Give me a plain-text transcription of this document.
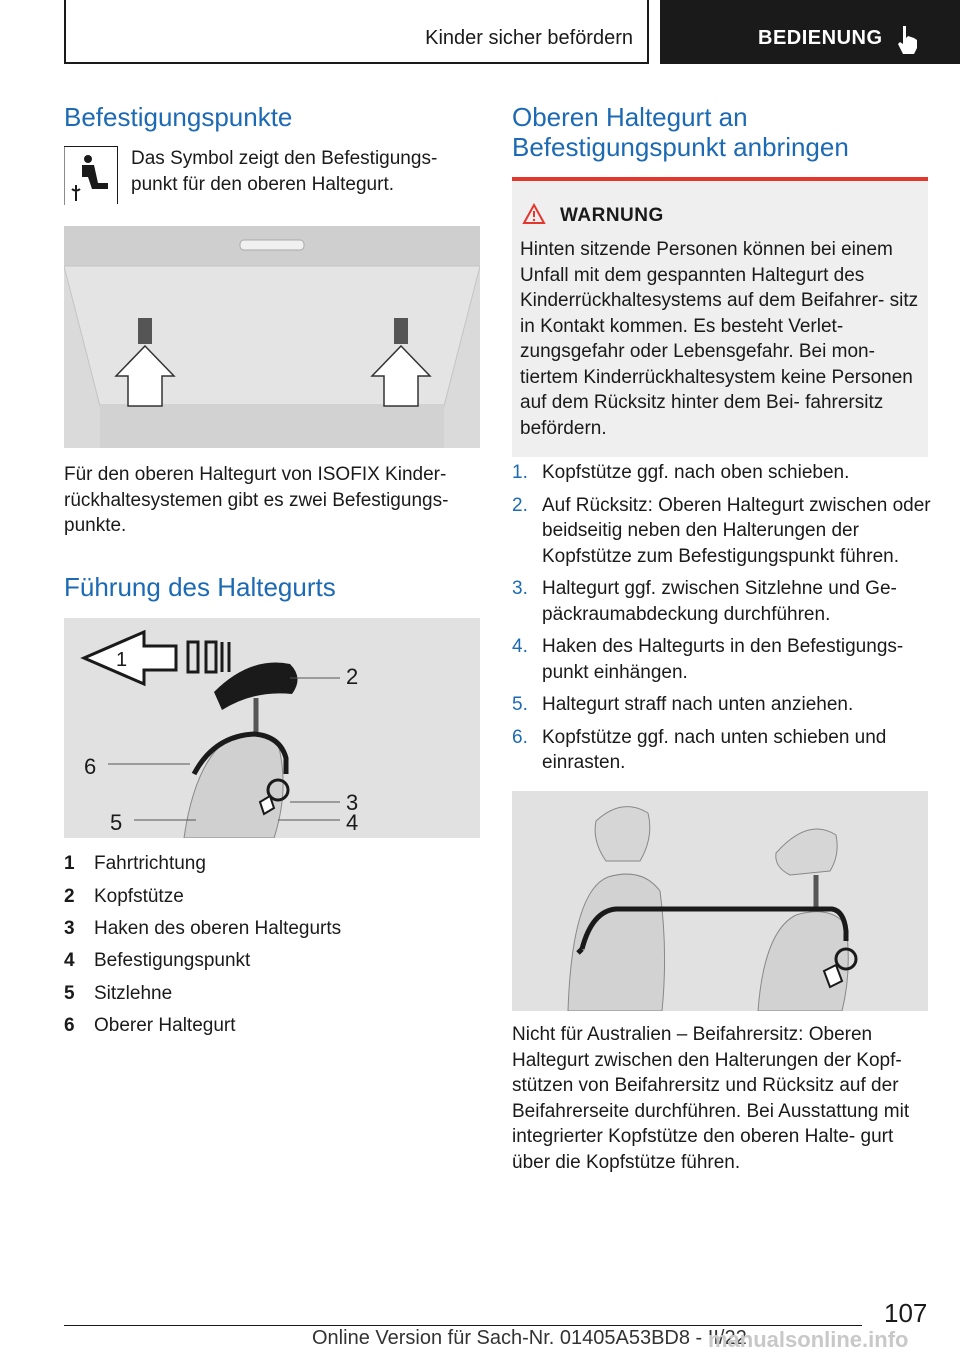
Kinder sicher befördern	BEDIENUNG
Befestigungspunkte
Das Symbol zeigt den Befestigungs- punkt für den oberen Haltegurt.
Für den oberen Haltegurt von ISOFIX Kinder- rückhaltesystemen gibt es zwei Befestigungs- punkte.
Führung des Haltegurts
1
2
3
4
5
6
1	Fahrtrichtung
2	Kopfstütze
3	Haken des oberen Haltegurts
4	Befestigungspunkt
5	Sitzlehne
6	Oberer Haltegurt
Oberen Haltegurt an Befestigungspunkt anbringen
WARNUNG
Hinten sitzende Personen können bei einem Unfall mit dem gespannten Haltegurt des Kinderrückhaltesystems auf dem Beifahrer- sitz in Kontakt kommen. Es besteht Verlet- zungsgefahr oder Lebensgefahr. Bei mon- tiertem Kinderrückhaltesystem keine Personen auf dem Rücksitz hinter dem Bei- fahrersitz befördern.
1. Kopfstütze ggf. nach oben schieben.
2. Auf Rücksitz: Oberen Haltegurt zwischen oder beidseitig neben den Halterungen der Kopfstütze zum Befestigungspunkt führen.
3. Haltegurt ggf. zwischen Sitzlehne und Ge- päckraumabdeckung durchführen.
4. Haken des Haltegurts in den Befestigungs- punkt einhängen.
5. Haltegurt straff nach unten anziehen.
6. Kopfstütze ggf. nach unten schieben und einrasten.
Nicht für Australien – Beifahrersitz: Oberen Haltegurt zwischen den Halterungen der Kopf- stützen von Beifahrersitz und Rücksitz auf der Beifahrerseite durchführen. Bei Ausstattung mit integrierter Kopfstütze den oberen Halte- gurt über die Kopfstütze führen.
107
Online Version für Sach-Nr. 01405A53BD8 - II/22
manualsonline.info
